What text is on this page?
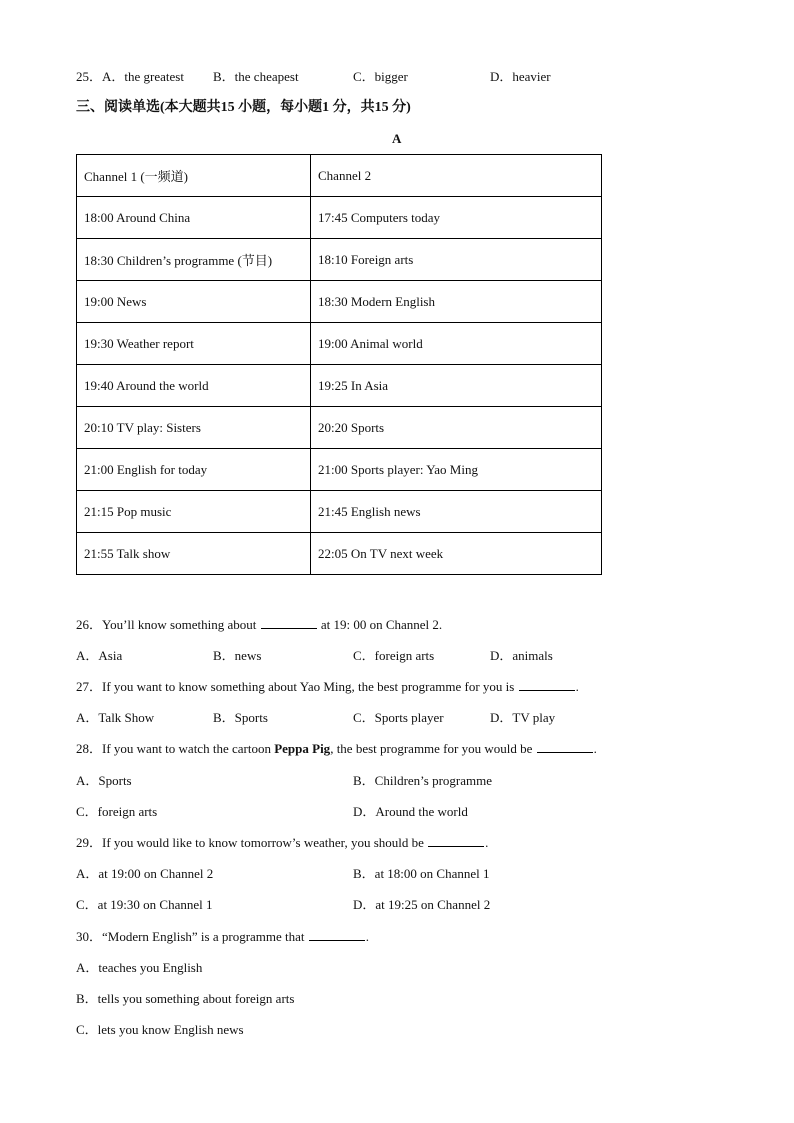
25．A．the greatest B．the cheapest	C．bigger	D．heavier
三、阅读单选(本大题共15 小题，每小题1 分，共15 分)
A
Channel 1 (一频道)	Channel 2
18:00 Around China	17:45 Computers today
18:30 Children’s programme (节目)	18:10 Foreign arts
19:00 News	18:30 Modern English
19:30 Weather report	19:00 Animal world
19:40 Around the world	19:25 In Asia
20:10 TV play: Sisters	20:20 Sports
21:00 English for today	21:00 Sports player: Yao Ming
21:15 Pop music	21:45 English news
21:55 Talk show	22:05 On TV next week
26．You’ll know something about	at 19: 00 on Channel 2.
A．Asia	B．news	C．foreign arts	D．animals
27．If you want to know something about Yao Ming, the best programme for you is	.
A．Talk Show	B．Sports	C．Sports player	D．TV play
28．If you want to watch the cartoon Peppa Pig, the best programme for you would be	.
A．Sports	B．Children’s programme
C．foreign arts	D．Around the world
29．If you would like to know tomorrow’s weather, you should be	.
A．at 19:00 on Channel 2	B．at 18:00 on Channel 1
C．at 19:30 on Channel 1	D．at 19:25 on Channel 2
30．“Modern English” is a programme that	.
A．teaches you English
B．tells you something about foreign arts
C．lets you know English news
